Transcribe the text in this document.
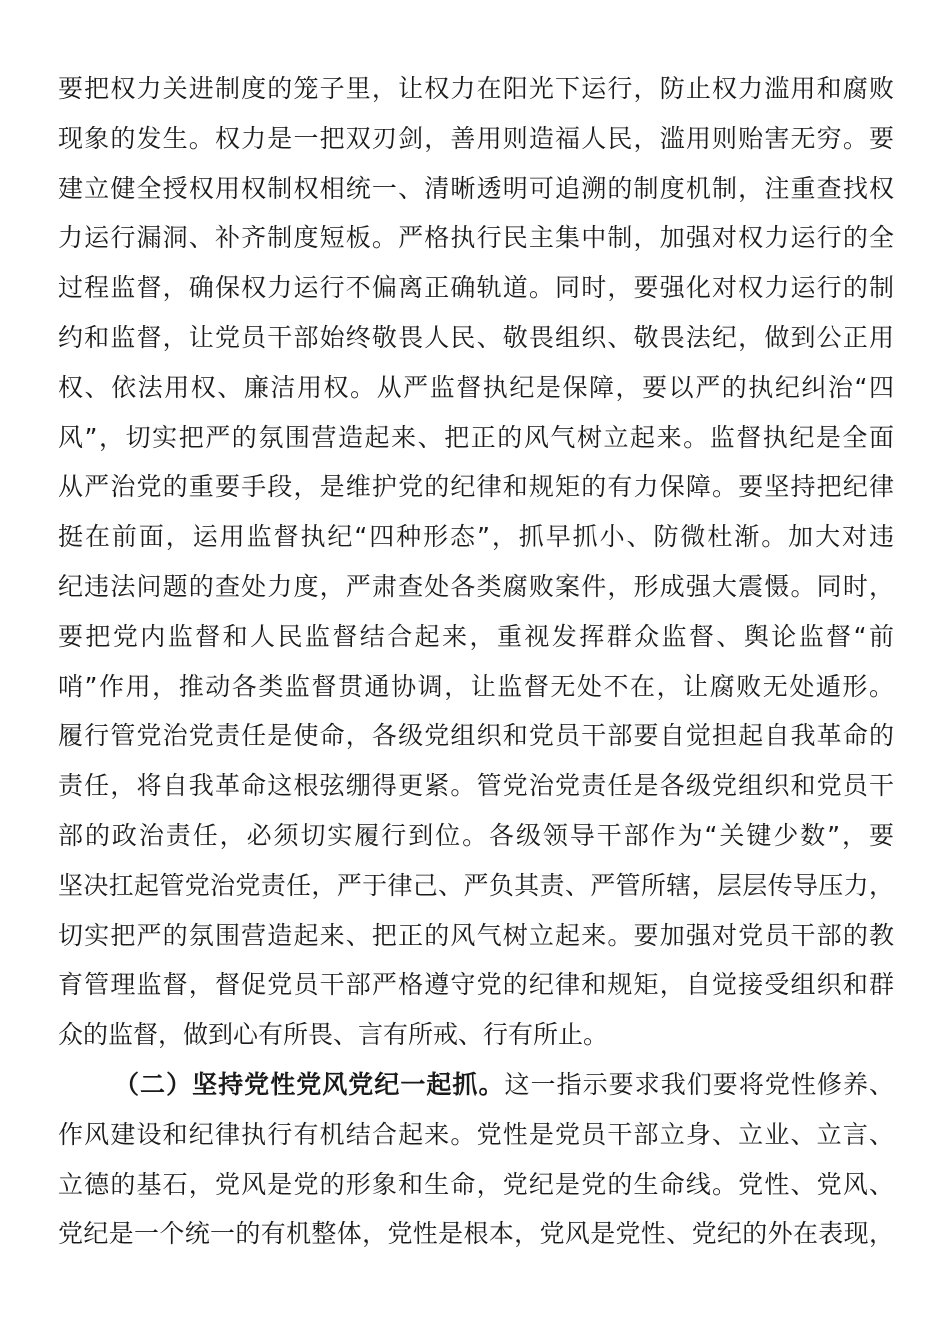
要把权力关进制度的笼子里，让权力在阳光下运行，防止权力滥用和腐败
现象的发生。权力是一把双刃剑，善用则造福人民，滥用则贻害无穷。要
建立健全授权用权制权相统一、清晰透明可追溯的制度机制，注重查找权
力运行漏洞、补齐制度短板。严格执行民主集中制，加强对权力运行的全
过程监督，确保权力运行不偏离正确轨道。同时，要强化对权力运行的制
约和监督，让党员干部始终敬畏人民、敬畏组织、敬畏法纪，做到公正用
权、依法用权、廉洁用权。从严监督执纪是保障，要以严的执纪纠治“四
风”，切实把严的氛围营造起来、把正的风气树立起来。监督执纪是全面
从严治党的重要手段，是维护党的纪律和规矩的有力保障。要坚持把纪律
挺在前面，运用监督执纪“四种形态”，抓早抓小、防微杜渐。加大对违
纪违法问题的查处力度，严肃查处各类腐败案件，形成强大震慑。同时，
要把党内监督和人民监督结合起来，重视发挥群众监督、舆论监督“前
哨”作用，推动各类监督贯通协调，让监督无处不在，让腐败无处遁形。
履行管党治党责任是使命，各级党组织和党员干部要自觉担起自我革命的
责任，将自我革命这根弦绷得更紧。管党治党责任是各级党组织和党员干
部的政治责任，必须切实履行到位。各级领导干部作为“关键少数”，要
坚决扛起管党治党责任，严于律己、严负其责、严管所辖，层层传导压力，
切实把严的氛围营造起来、把正的风气树立起来。要加强对党员干部的教
育管理监督，督促党员干部严格遵守党的纪律和规矩，自觉接受组织和群
众的监督，做到心有所畏、言有所戒、行有所止。
（二）坚持党性党风党纪一起抓。这一指示要求我们要将党性修养、
作风建设和纪律执行有机结合起来。党性是党员干部立身、立业、立言、
立德的基石，党风是党的形象和生命，党纪是党的生命线。党性、党风、
党纪是一个统一的有机整体，党性是根本，党风是党性、党纪的外在表现，
